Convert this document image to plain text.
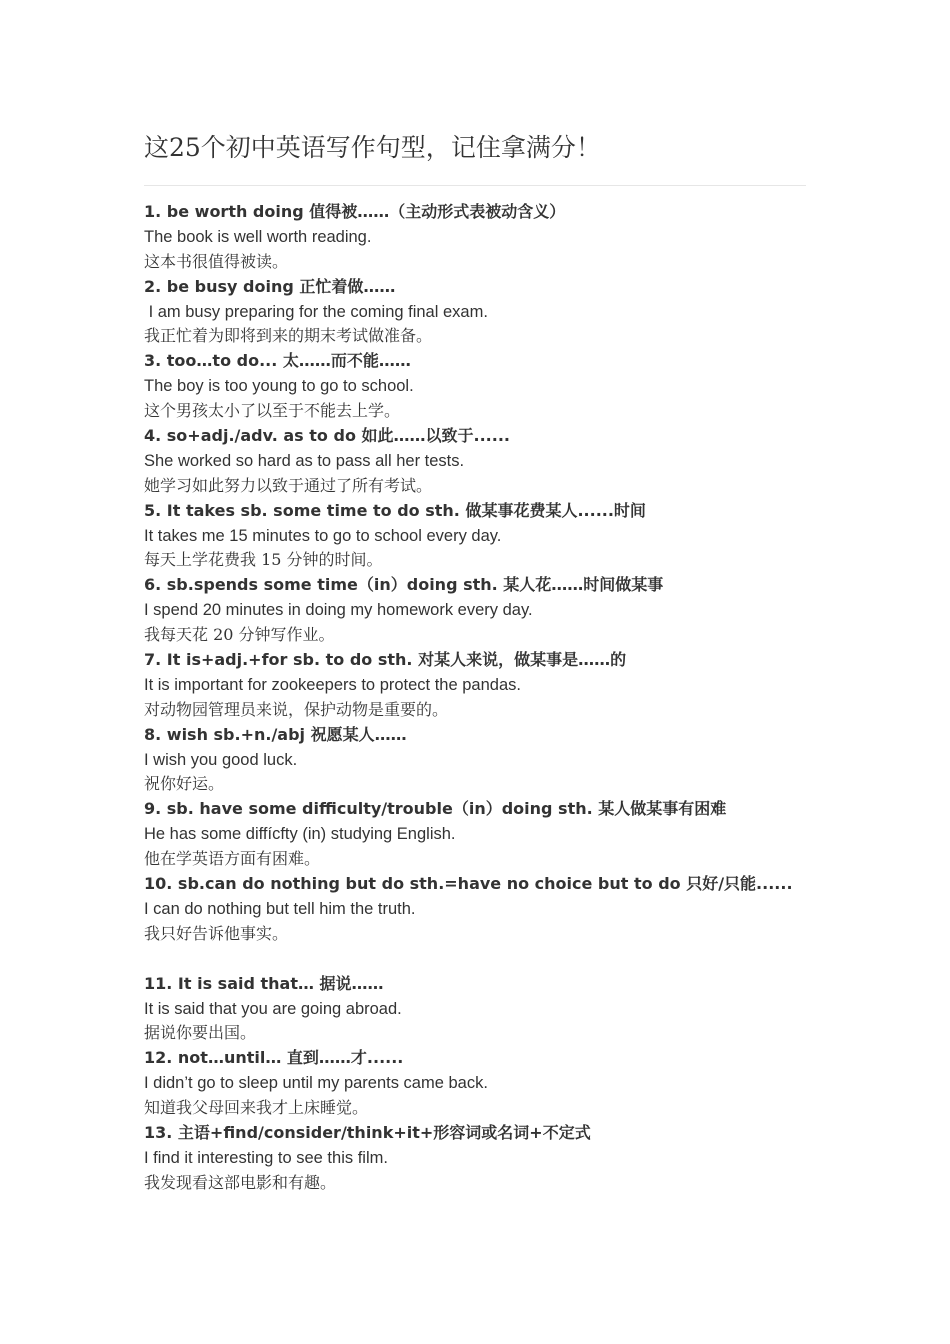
这25个初中英语写作句型，记住拿满分！
1. be worth doing 值得被……（主动形式表被动含义）
The book is well worth reading.
这本书很值得被读。
2. be busy doing 正忙着做……
I am busy preparing for the coming final exam.
我正忙着为即将到来的期末考试做准备。
3. too…to do... 太……而不能……
The boy is too young to go to school.
这个男孩太小了以至于不能去上学。
4. so+adj./adv. as to do 如此……以致于......
She worked so hard as to pass all her tests.
她学习如此努力以致于通过了所有考试。
5. It takes sb. some time to do sth. 做某事花费某人......时间
It takes me 15 minutes to go to school every day.
每天上学花费我 15 分钟的时间。
6. sb.spends some time（in）doing sth. 某人花……时间做某事
I spend 20 minutes in doing my homework every day.
我每天花 20 分钟写作业。
7. It is+adj.+for sb. to do sth. 对某人来说，做某事是……的
It is important for zookeepers to protect the pandas.
对动物园管理员来说，保护动物是重要的。
8. wish sb.+n./abj 祝愿某人……
I wish you good luck.
祝你好运。
9. sb. have some difficulty/trouble（in）doing sth. 某人做某事有困难
He has some diffícfty (in) studying English.
他在学英语方面有困难。
10. sb.can do nothing but do sth.=have no choice but to do 只好/只能......
I can do nothing but tell him the truth.
我只好告诉他事实。
11. It is said that… 据说……
It is said that you are going abroad.
据说你要出国。
12. not…until… 直到……才......
I didn’t go to sleep until my parents came back.
知道我父母回来我才上床睡觉。
13. 主语+find/consider/think+it+形容词或名词+不定式
I find it interesting to see this film.
我发现看这部电影和有趣。
